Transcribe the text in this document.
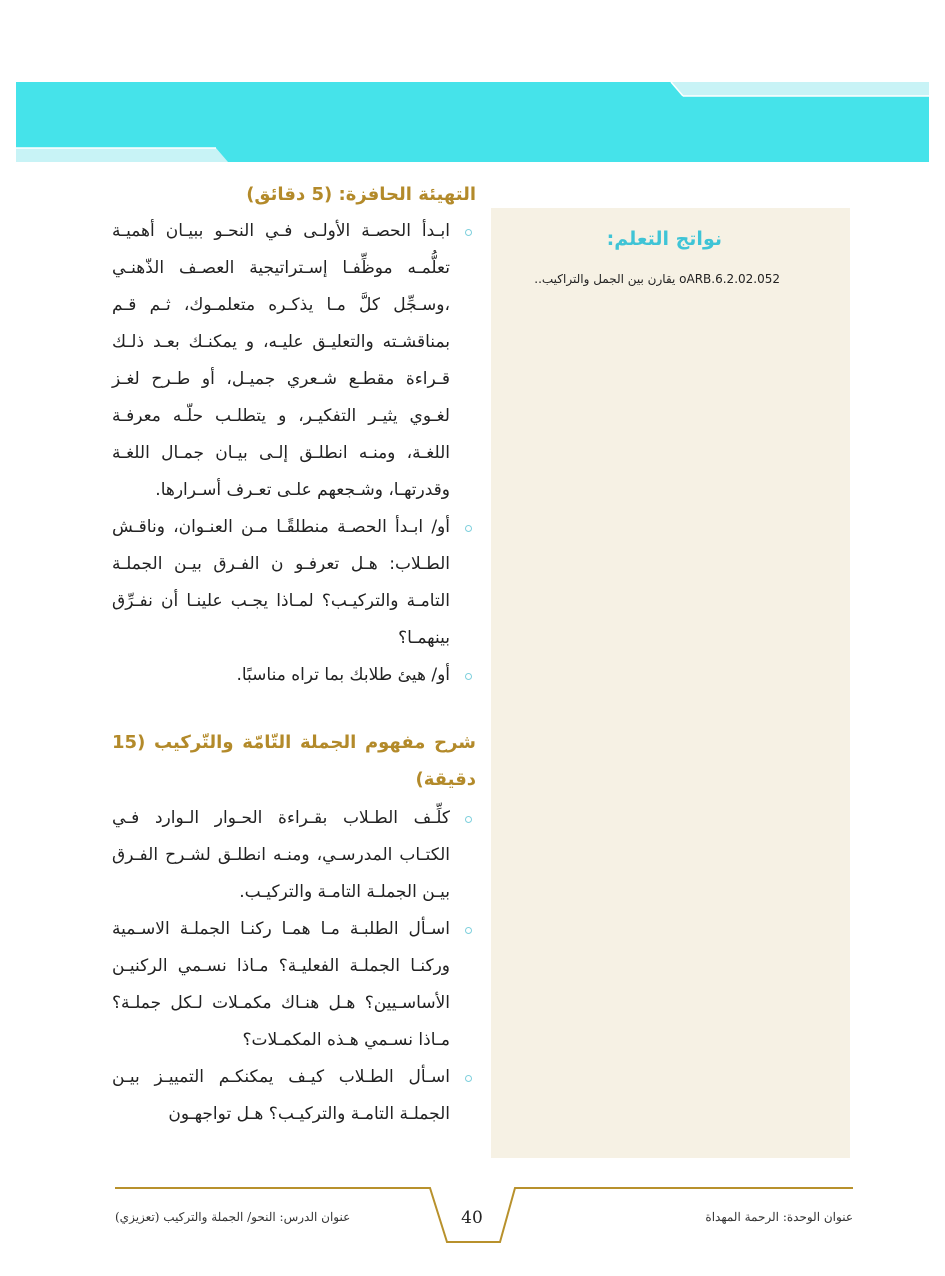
نواتج التعلم:

oARB.6.2.02.052 يقارن بين الجمل والتراكيب..

التهيئة الحافزة: (5 دقائق)
ابـدأ الحصـة الأولـى فـي النحـو ببيـان أهميـة تعلُّمـه موظِّفـا إسـتراتيجية العصـف الذّهنـي ،وسـجِّل كلَّ مـا يذكـره متعلمـوك، ثـم قـم بمناقشـته والتعليـق عليـه، و يمكنـك بعـد ذلـك قـراءة مقطـع شـعري جميـل، أو طـرح لغـز لغـوي يثيـر التفكيـر، و يتطلـب حلّـه معرفـة اللغـة، ومنـه انطلـق إلـى بيـان جمـال اللغـة وقدرتهـا، وشـجعهم علـى تعـرف أسـرارها.
أو/ ابـدأ الحصـة منطلقًـا مـن العنـوان، وناقـش الطـلاب: هـل تعرفـو ن الفـرق بيـن الجملـة التامـة والتركيـب؟ لمـاذا يجـب علينـا أن نفـرِّق بينهمـا؟
أو/ هيئ طلابك بما تراه مناسبًا.
شرح مفهوم الجملة التّامّة والتّركيب (15 دقيقة)
كلِّـف الطـلاب بقـراءة الحـوار الـوارد فـي الكتـاب المدرسـي، ومنـه انطلـق لشـرح الفـرق بيـن الجملـة التامـة والتركيـب.
اسـأل الطلبـة مـا همـا ركنـا الجملـة الاسـمية وركنـا الجملـة الفعليـة؟ مـاذا نسـمي الركنيـن الأساسـيين؟ هـل هنـاك مكمـلات لـكل جملـة؟ مـاذا نسـمي هـذه المكمـلات؟
اسـأل الطـلاب كيـف يمكنكـم التمييـز بيـن الجملـة التامـة والتركيـب؟ هـل تواجهـون
عنوان الوحدة: الرحمة المهداة
عنوان الدرس: النحو/ الجملة والتركيب (تعزيزي)	40
